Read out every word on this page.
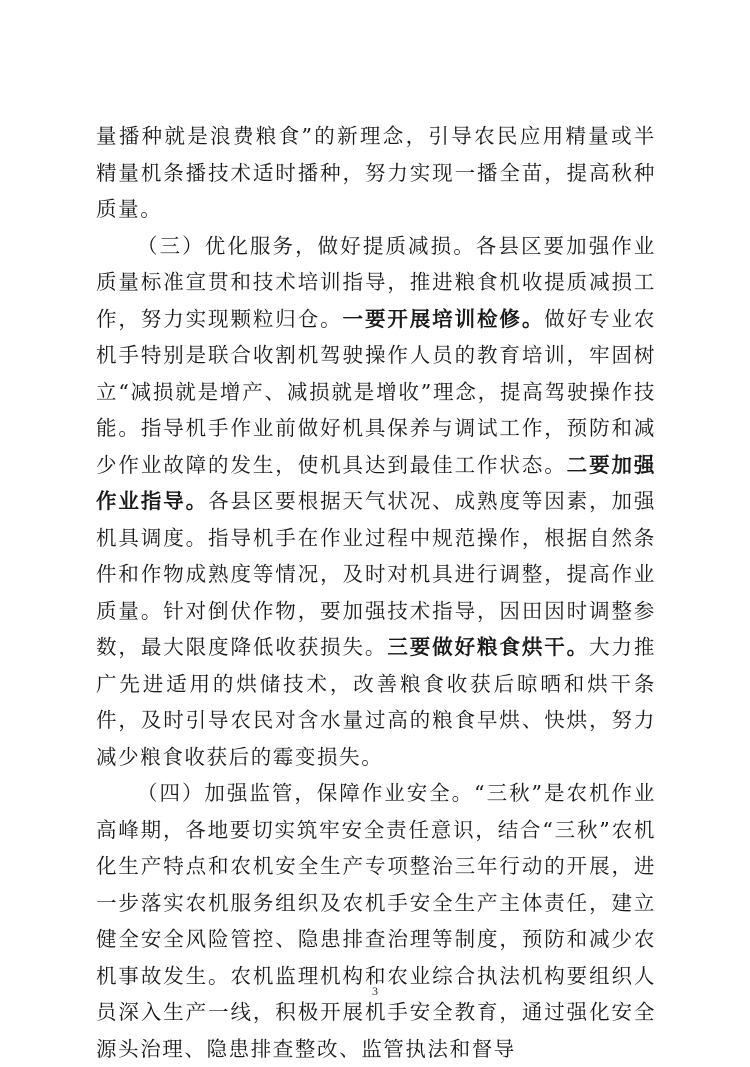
量播种就是浪费粮食”的新理念，引导农民应用精量或半精量机条播技术适时播种，努力实现一播全苗，提高秋种质量。

（三）优化服务，做好提质减损。各县区要加强作业质量标准宣贯和技术培训指导，推进粮食机收提质减损工作，努力实现颗粒归仓。一要开展培训检修。做好专业农机手特别是联合收割机驾驶操作人员的教育培训，牢固树立“减损就是增产、减损就是增收”理念，提高驾驶操作技能。指导机手作业前做好机具保养与调试工作，预防和减少作业故障的发生，使机具达到最佳工作状态。二要加强作业指导。各县区要根据天气状况、成熟度等因素，加强机具调度。指导机手在作业过程中规范操作，根据自然条件和作物成熟度等情况，及时对机具进行调整，提高作业质量。针对倒伏作物，要加强技术指导，因田因时调整参数，最大限度降低收获损失。三要做好粮食烘干。大力推广先进适用的烘储技术，改善粮食收获后晾晒和烘干条件，及时引导农民对含水量过高的粮食早烘、快烘，努力减少粮食收获后的霉变损失。

（四）加强监管，保障作业安全。“三秋”是农机作业高峰期，各地要切实筑牢安全责任意识，结合“三秋”农机化生产特点和农机安全生产专项整治三年行动的开展，进一步落实农机服务组织及农机手安全生产主体责任，建立健全安全风险管控、隐患排查治理等制度，预防和减少农机事故发生。农机监理机构和农业综合执法机构要组织人员深入生产一线，积极开展机手安全教育，通过强化安全源头治理、隐患排查整改、监管执法和督导

3
